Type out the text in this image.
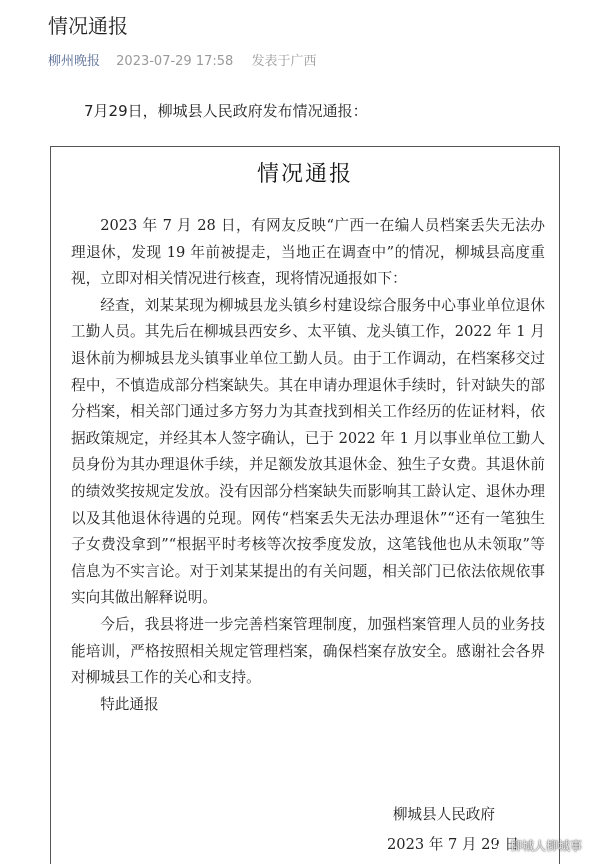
情况通报
柳州晚报 2023-07-29 17:58 发表于广西
7月29日，柳城县人民政府发布情况通报：
情况通报

2023 年 7 月 28 日，有网友反映“广西一在编人员档案丢失无法办理退休，发现 19 年前被提走，当地正在调查中”的情况，柳城县高度重视，立即对相关情况进行核查，现将情况通报如下：

经查，刘某某现为柳城县龙头镇乡村建设综合服务中心事业单位退休工勤人员。其先后在柳城县西安乡、太平镇、龙头镇工作，2022 年 1 月退休前为柳城县龙头镇事业单位工勤人员。由于工作调动，在档案移交过程中，不慎造成部分档案缺失。其在申请办理退休手续时，针对缺失的部分档案，相关部门通过多方努力为其查找到相关工作经历的佐证材料，依据政策规定，并经其本人签字确认，已于 2022 年 1 月以事业单位工勤人员身份为其办理退休手续，并足额发放其退休金、独生子女费。其退休前的绩效奖按规定发放。没有因部分档案缺失而影响其工龄认定、退休办理以及其他退休待遇的兑现。网传“档案丢失无法办理退休”“还有一笔独生子女费没拿到”“根据平时考核等次按季度发放，这笔钱他也从未领取”等信息为不实言论。对于刘某某提出的有关问题，相关部门已依法依规依事实向其做出解释说明。

今后，我县将进一步完善档案管理制度，加强档案管理人员的业务技能培训，严格按照相关规定管理档案，确保档案存放安全。感谢社会各界对柳城县工作的关心和支持。

特此通报

柳城县人民政府
2023 年 7 月 29 日
柳城人柳城事
